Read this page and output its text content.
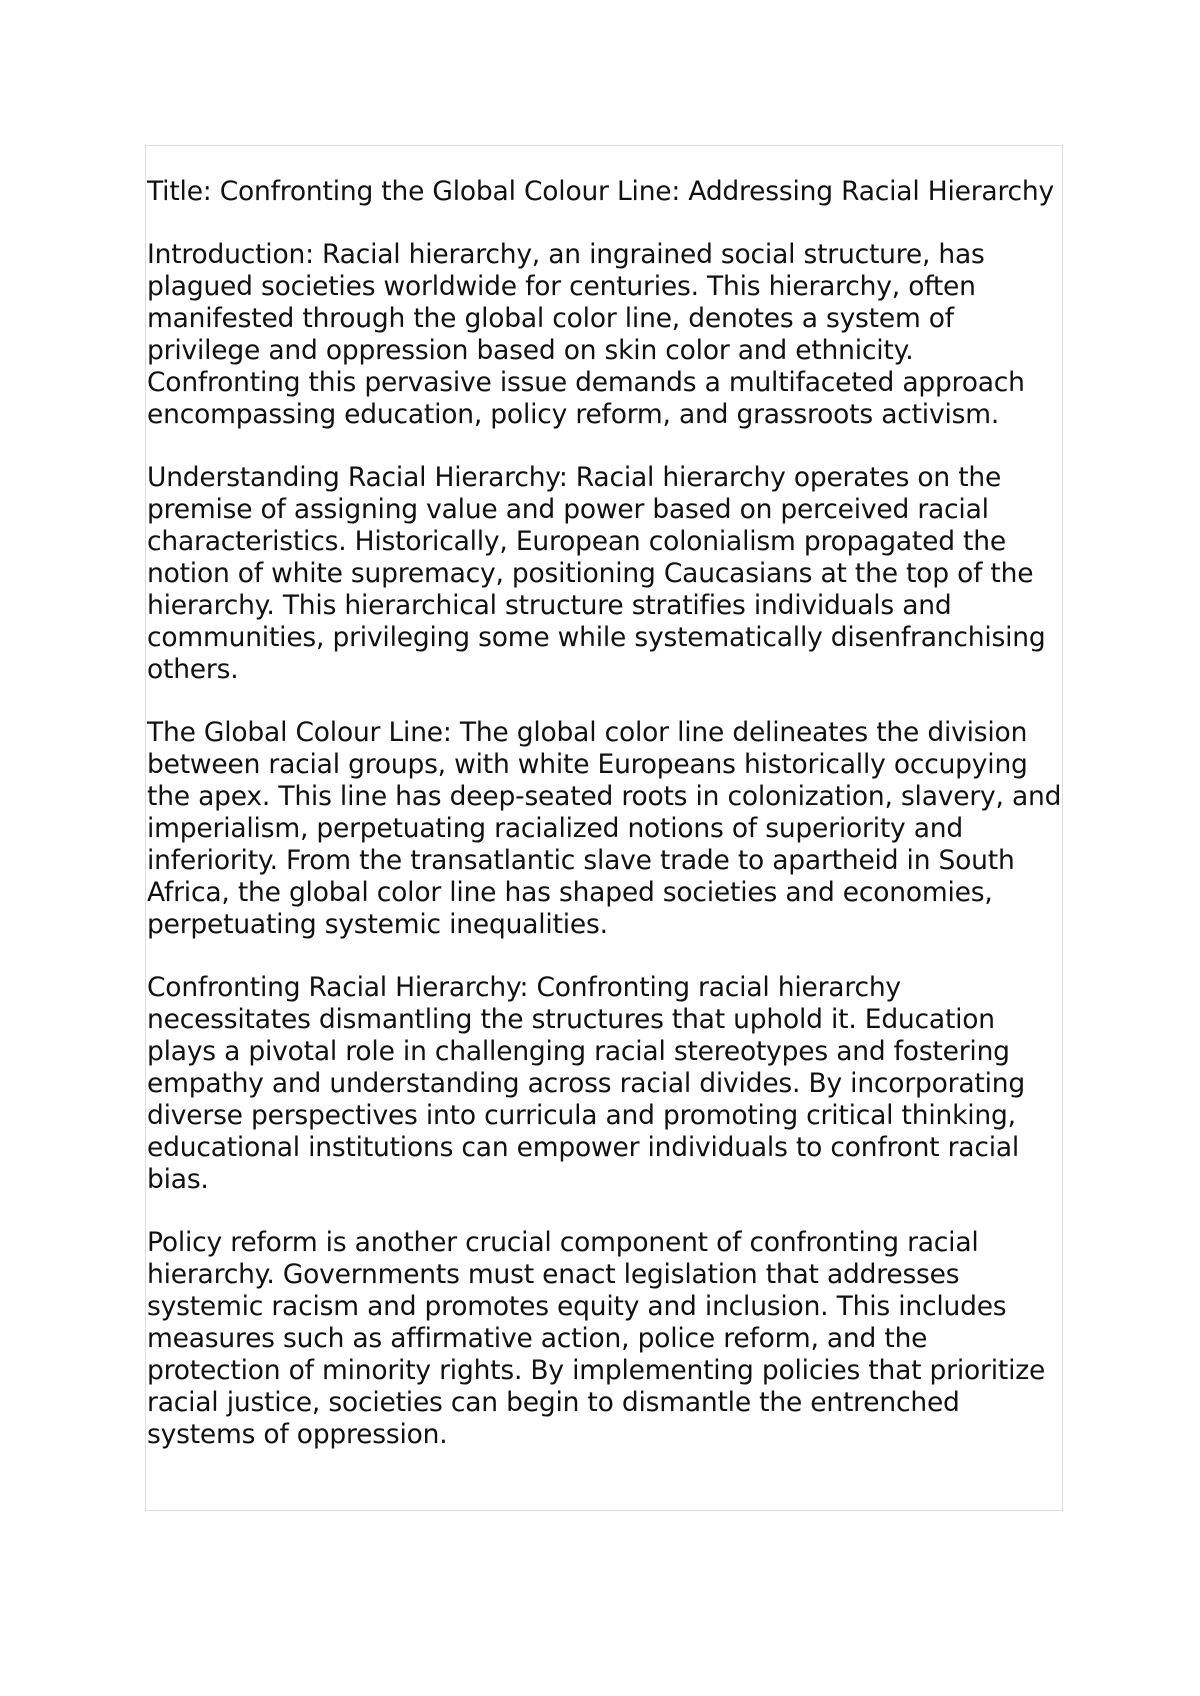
Title: Confronting the Global Colour Line: Addressing Racial Hierarchy

Introduction: Racial hierarchy, an ingrained social structure, has plagued societies worldwide for centuries. This hierarchy, often manifested through the global color line, denotes a system of privilege and oppression based on skin color and ethnicity. Confronting this pervasive issue demands a multifaceted approach encompassing education, policy reform, and grassroots activism.

Understanding Racial Hierarchy: Racial hierarchy operates on the premise of assigning value and power based on perceived racial characteristics. Historically, European colonialism propagated the notion of white supremacy, positioning Caucasians at the top of the hierarchy. This hierarchical structure stratifies individuals and communities, privileging some while systematically disenfranchising others.

The Global Colour Line: The global color line delineates the division between racial groups, with white Europeans historically occupying the apex. This line has deep-seated roots in colonization, slavery, and imperialism, perpetuating racialized notions of superiority and inferiority. From the transatlantic slave trade to apartheid in South Africa, the global color line has shaped societies and economies, perpetuating systemic inequalities.

Confronting Racial Hierarchy: Confronting racial hierarchy necessitates dismantling the structures that uphold it. Education plays a pivotal role in challenging racial stereotypes and fostering empathy and understanding across racial divides. By incorporating diverse perspectives into curricula and promoting critical thinking, educational institutions can empower individuals to confront racial bias.

Policy reform is another crucial component of confronting racial hierarchy. Governments must enact legislation that addresses systemic racism and promotes equity and inclusion. This includes measures such as affirmative action, police reform, and the protection of minority rights. By implementing policies that prioritize racial justice, societies can begin to dismantle the entrenched systems of oppression.
